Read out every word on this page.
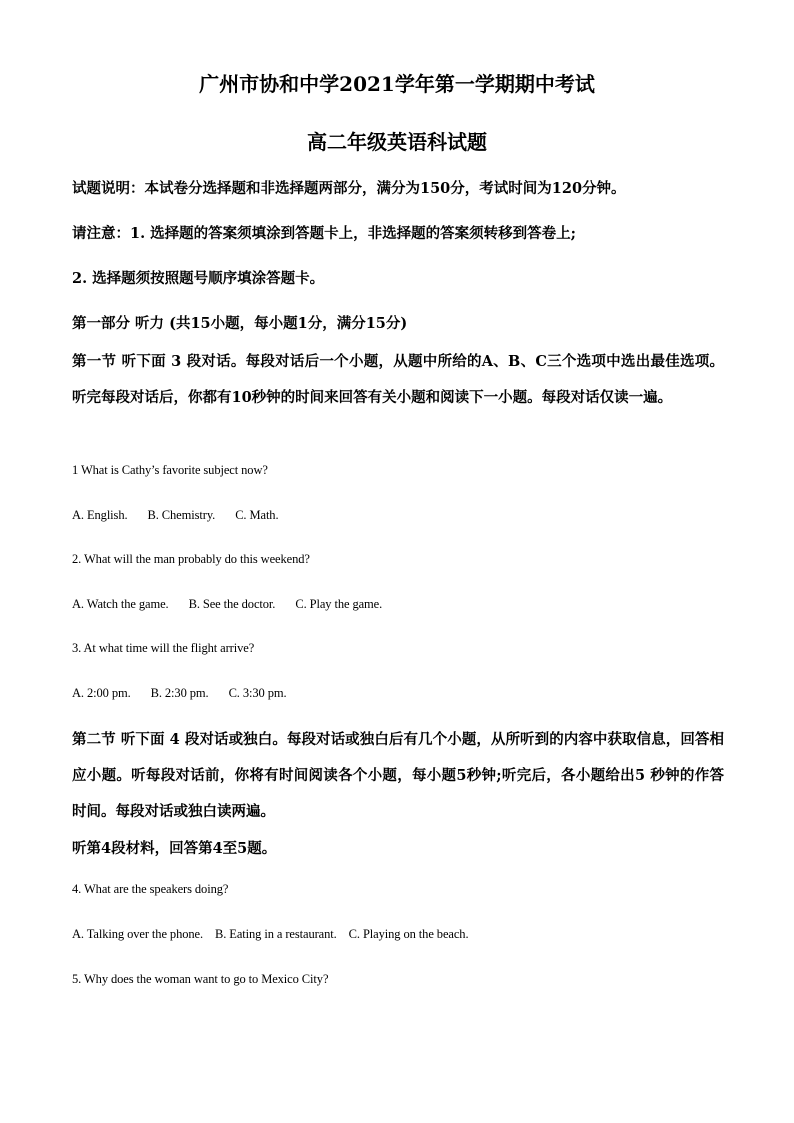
广州市协和中学2021学年第一学期期中考试
高二年级英语科试题
试题说明：本试卷分选择题和非选择题两部分，满分为150分，考试时间为120分钟。
请注意：1. 选择题的答案须填涂到答题卡上，非选择题的答案须转移到答卷上;
2. 选择题须按照题号顺序填涂答题卡。
第一部分 听力 (共15小题，每小题1分，满分15分)
第一节 听下面 3 段对话。每段对话后一个小题，从题中所给的A、B、C三个选项中选出最佳选项。 听完每段对话后，你都有10秒钟的时间来回答有关小题和阅读下一小题。每段对话仅读一遍。
1 What is Cathy’s favorite subject now?
A. English. B. Chemistry. C. Math.
2. What will the man probably do this weekend?
A. Watch the game. B. See the doctor. C. Play the game.
3. At what time will the flight arrive?
A. 2:00 pm. B. 2:30 pm. C. 3:30 pm.
第二节 听下面 4 段对话或独白。每段对话或独白后有几个小题，从所听到的内容中获取信息，回答相应小题。听每段对话前，你将有时间阅读各个小题，每小题5秒钟;听完后，各小题给出5 秒钟的作答时间。每段对话或独白读两遍。
听第4段材料，回答第4至5题。
4. What are the speakers doing?
A. Talking over the phone. B. Eating in a restaurant. C. Playing on the beach.
5. Why does the woman want to go to Mexico City?
